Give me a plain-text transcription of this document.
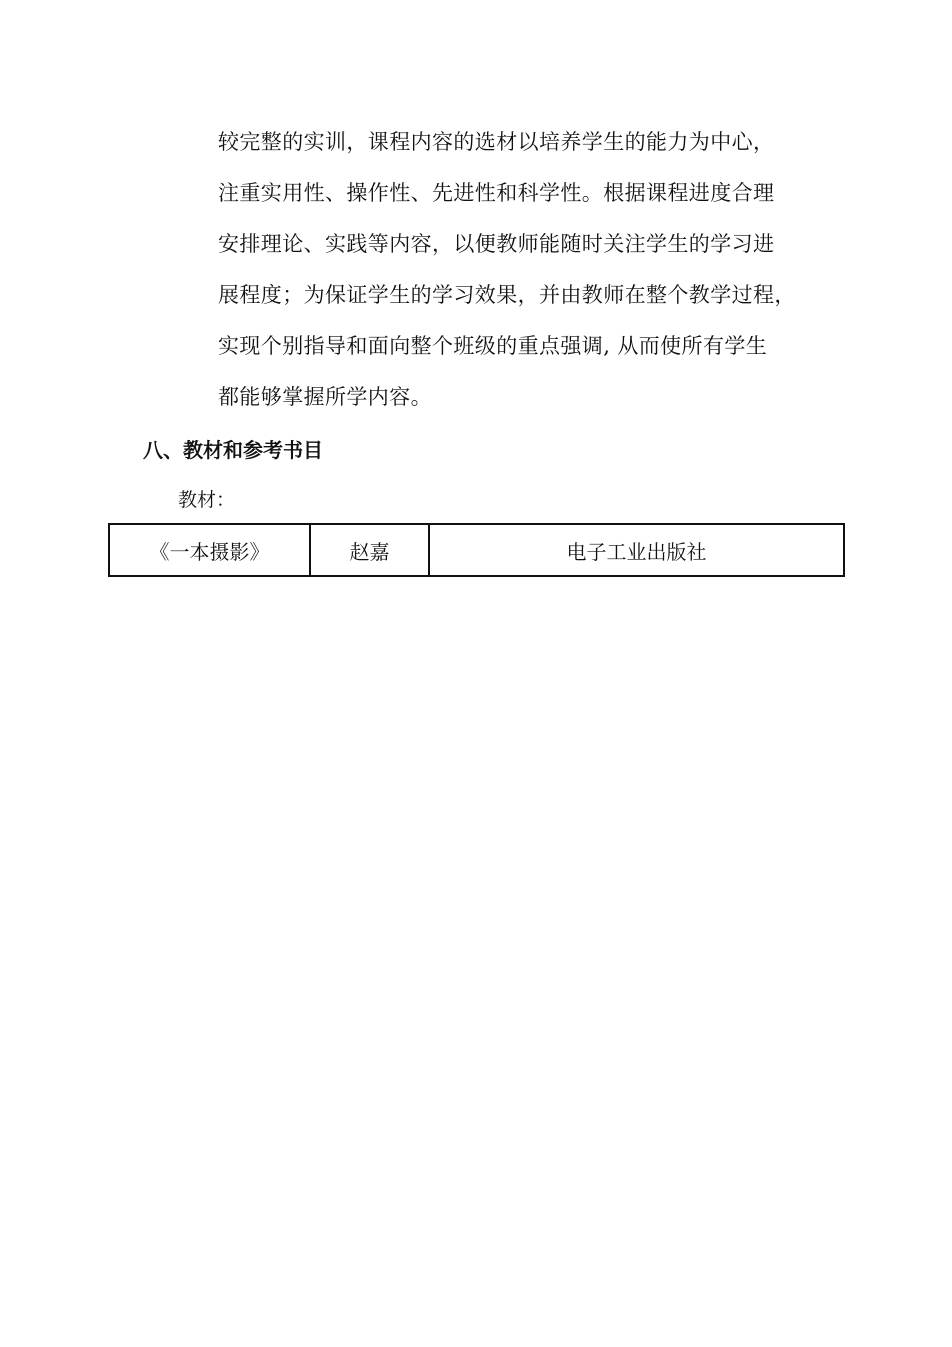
较完整的实训，课程内容的选材以培养学生的能力为中心，
注重实用性、操作性、先进性和科学性。根据课程进度合理
安排理论、实践等内容，以便教师能随时关注学生的学习进
展程度；为保证学生的学习效果，并由教师在整个教学过程，
实现个别指导和面向整个班级的重点强调, 从而使所有学生
都能够掌握所学内容。
八、教材和参考书目
教材：
《一本摄影》	赵嘉	电子工业出版社
